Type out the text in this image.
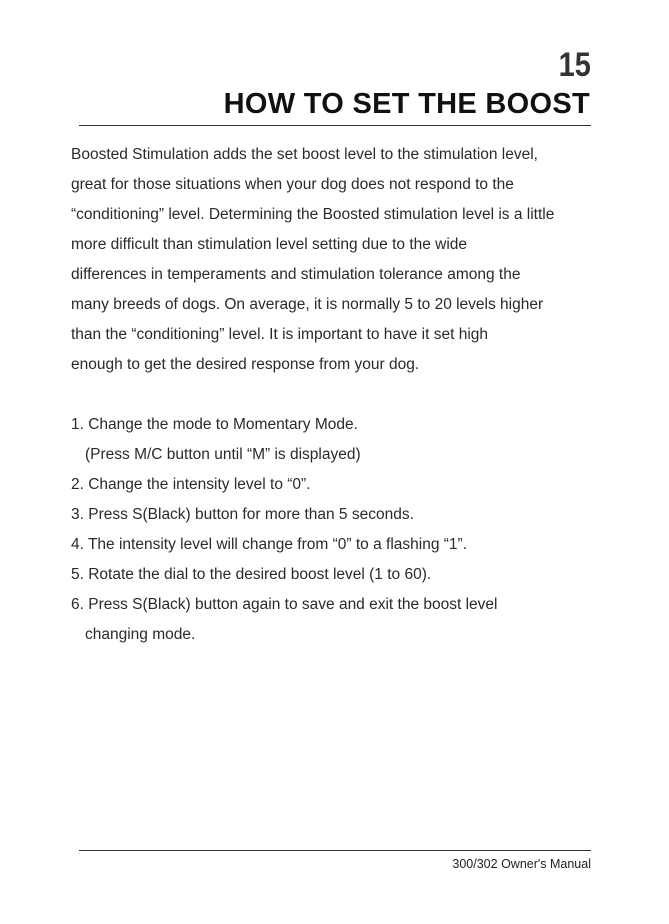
15
HOW TO SET THE BOOST
Boosted Stimulation adds the set boost level to the stimulation level,
great for those situations when your dog does not respond to the
“conditioning” level. Determining the Boosted stimulation level is a little
more difficult than stimulation level setting due to the wide
differences in temperaments and stimulation tolerance among the
many breeds of dogs. On average, it is normally 5 to 20 levels higher
than the “conditioning” level. It is important to have it set high
enough to get the desired response from your dog.
1. Change the mode to Momentary Mode.
(Press M/C button until “M” is displayed)
2. Change the intensity level to “0”.
3. Press S(Black) button for more than 5 seconds.
4. The intensity level will change from “0” to a flashing “1”.
5. Rotate the dial to the desired boost level (1 to 60).
6. Press S(Black) button again to save and exit the boost level
changing mode.
300/302 Owner's Manual
